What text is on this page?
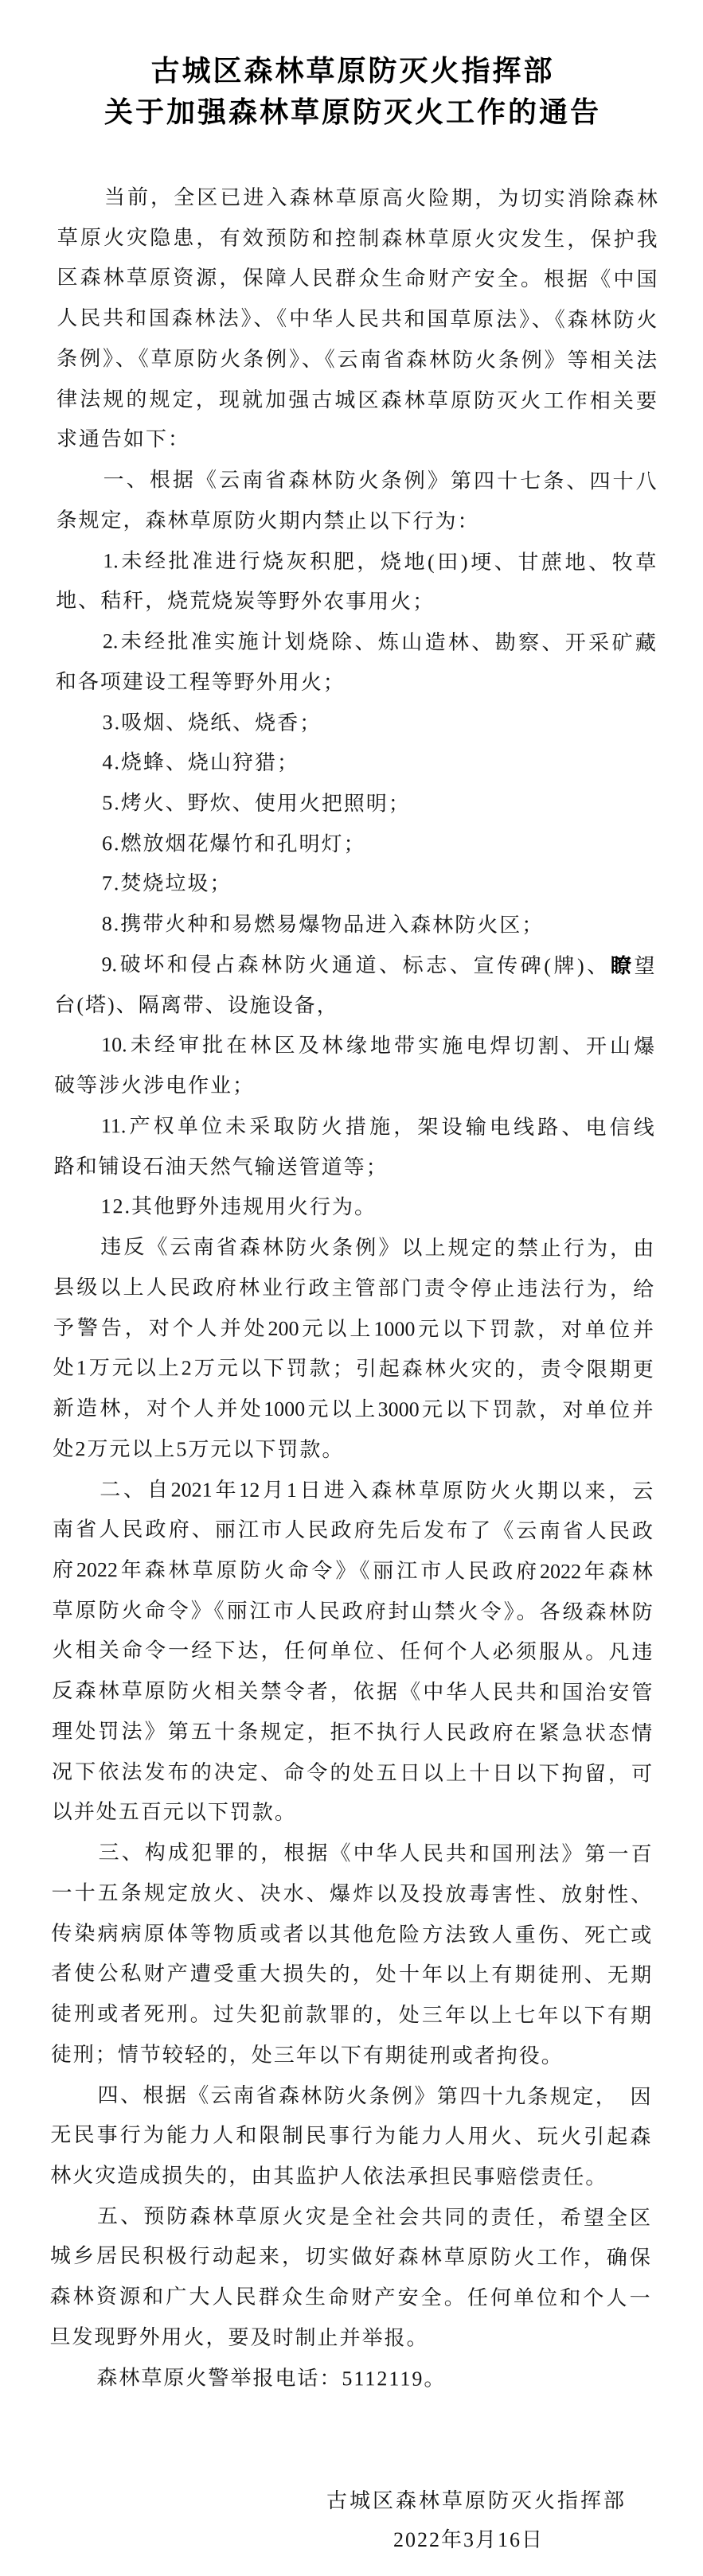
古城区森林草原防灭火指挥部
关于加强森林草原防灭火工作的通告
当前，全区已进入森林草原高火险期，为切实消除森林
草原火灾隐患，有效预防和控制森林草原火灾发生，保护我
区森林草原资源，保障人民群众生命财产安全。根据《中国
人民共和国森林法》、《中华人民共和国草原法》、《森林防火
条例》、《草原防火条例》、《云南省森林防火条例》等相关法
律法规的规定，现就加强古城区森林草原防灭火工作相关要
求通告如下：
一、根据《云南省森林防火条例》第四十七条、四十八
条规定，森林草原防火期内禁止以下行为：
1.未经批准进行烧灰积肥，烧地(田)埂、甘蔗地、牧草
地、秸秆，烧荒烧炭等野外农事用火；
2.未经批准实施计划烧除、炼山造林、勘察、开采矿藏
和各项建设工程等野外用火；
3.吸烟、烧纸、烧香；
4.烧蜂、烧山狩猎；
5.烤火、野炊、使用火把照明；
6.燃放烟花爆竹和孔明灯；
7.焚烧垃圾；
8.携带火种和易燃易爆物品进入森林防火区；
9.破坏和侵占森林防火通道、标志、宣传碑(牌)、瞭望
台(塔)、隔离带、设施设备，
10.未经审批在林区及林缘地带实施电焊切割、开山爆
破等涉火涉电作业；
11.产权单位未采取防火措施，架设输电线路、电信线
路和铺设石油天然气输送管道等；
12.其他野外违规用火行为。
违反《云南省森林防火条例》以上规定的禁止行为，由
县级以上人民政府林业行政主管部门责令停止违法行为，给
予警告，对个人并处200元以上1000元以下罚款，对单位并
处1万元以上2万元以下罚款；引起森林火灾的，责令限期更
新造林，对个人并处1000元以上3000元以下罚款，对单位并
处2万元以上5万元以下罚款。
二、自2021年12月1日进入森林草原防火火期以来，云
南省人民政府、丽江市人民政府先后发布了《云南省人民政
府2022年森林草原防火命令》《丽江市人民政府2022年森林
草原防火命令》《丽江市人民政府封山禁火令》。各级森林防
火相关命令一经下达，任何单位、任何个人必须服从。凡违
反森林草原防火相关禁令者，依据《中华人民共和国治安管
理处罚法》第五十条规定，拒不执行人民政府在紧急状态情
况下依法发布的决定、命令的处五日以上十日以下拘留，可
以并处五百元以下罚款。
三、构成犯罪的，根据《中华人民共和国刑法》第一百
一十五条规定放火、决水、爆炸以及投放毒害性、放射性、
传染病病原体等物质或者以其他危险方法致人重伤、死亡或
者使公私财产遭受重大损失的，处十年以上有期徒刑、无期
徒刑或者死刑。过失犯前款罪的，处三年以上七年以下有期
徒刑；情节较轻的，处三年以下有期徒刑或者拘役。
四、根据《云南省森林防火条例》第四十九条规定，　因
无民事行为能力人和限制民事行为能力人用火、玩火引起森
林火灾造成损失的，由其监护人依法承担民事赔偿责任。
五、预防森林草原火灾是全社会共同的责任，希望全区
城乡居民积极行动起来，切实做好森林草原防火工作，确保
森林资源和广大人民群众生命财产安全。任何单位和个人一
旦发现野外用火，要及时制止并举报。
森林草原火警举报电话：5112119。
古城区森林草原防灭火指挥部
2022年3月16日
